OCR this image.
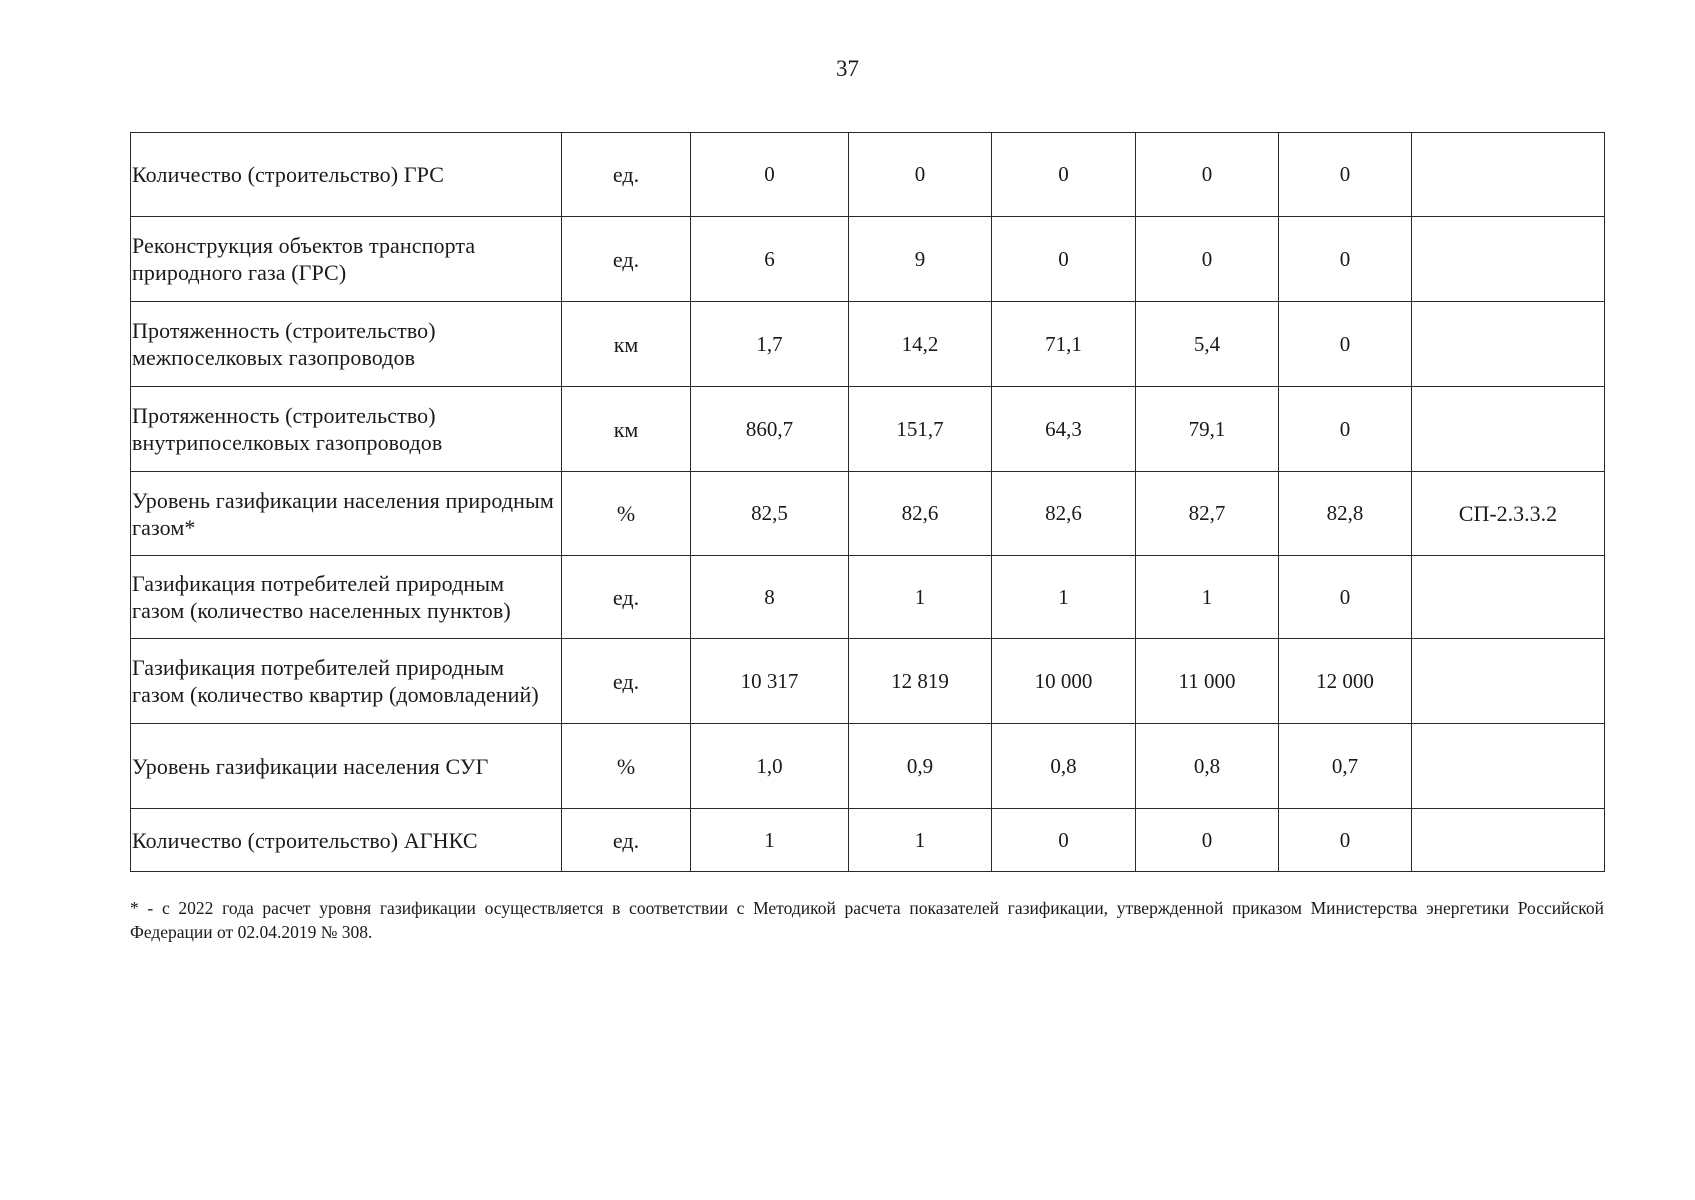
37
Количество (строительство) ГРС	ед.	0	0	0	0	0	
Реконструкция объектов транспорта природного газа (ГРС)	ед.	6	9	0	0	0	
Протяженность (строительство) межпоселковых газопроводов	км	1,7	14,2	71,1	5,4	0	
Протяженность (строительство) внутрипоселковых газопроводов	км	860,7	151,7	64,3	79,1	0	
Уровень газификации населения природным газом*	%	82,5	82,6	82,6	82,7	82,8	СП-2.3.3.2
Газификация потребителей природным газом (количество населенных пунктов)	ед.	8	1	1	1	0	
Газификация потребителей природным газом (количество квартир (домовладений)	ед.	10 317	12 819	10 000	11 000	12 000	
Уровень газификации населения СУГ	%	1,0	0,9	0,8	0,8	0,7	
Количество (строительство) АГНКС	ед.	1	1	0	0	0	
* - с 2022 года расчет уровня газификации осуществляется в соответствии с Методикой расчета показателей газификации, утвержденной приказом Министерства энергетики Российской Федерации от 02.04.2019 № 308.
